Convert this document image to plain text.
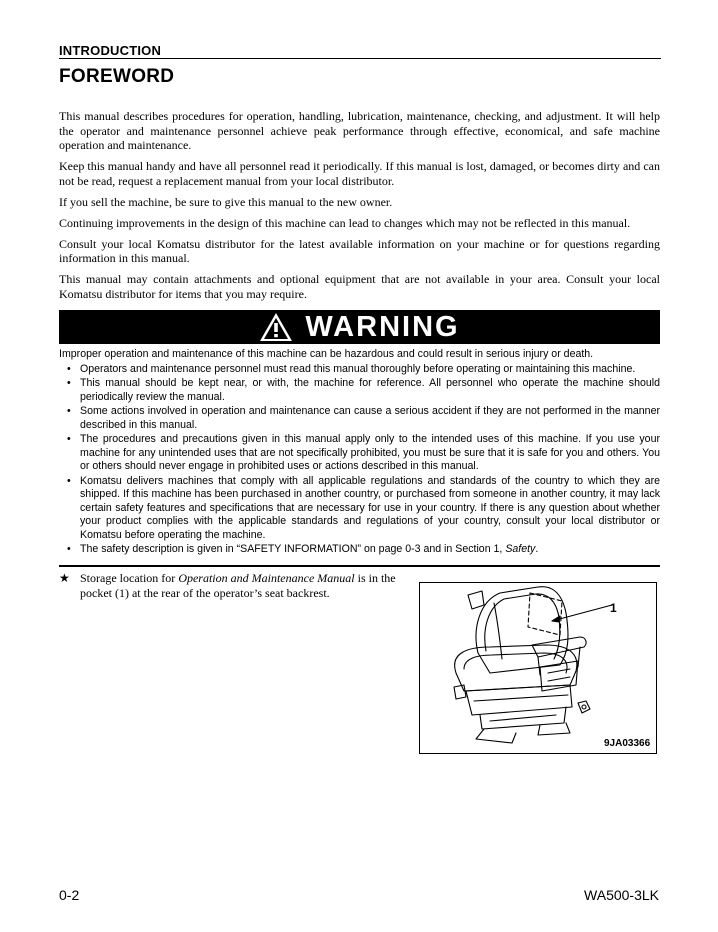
INTRODUCTION
FOREWORD

This manual describes procedures for operation, handling, lubrication, maintenance, checking, and adjustment. It will help the operator and maintenance personnel achieve peak performance through effective, economical, and safe machine operation and maintenance.

Keep this manual handy and have all personnel read it periodically. If this manual is lost, damaged, or becomes dirty and can not be read, request a replacement manual from your local distributor.

If you sell the machine, be sure to give this manual to the new owner.

Continuing improvements in the design of this machine can lead to changes which may not be reflected in this manual.

Consult your local Komatsu distributor for the latest available information on your machine or for questions regarding information in this manual.

This manual may contain attachments and optional equipment that are not available in your area. Consult your local Komatsu distributor for items that you may require.

WARNING

Improper operation and maintenance of this machine can be hazardous and could result in serious injury or death.

• Operators and maintenance personnel must read this manual thoroughly before operating or maintaining this machine.
• This manual should be kept near, or with, the machine for reference. All personnel who operate the machine should periodically review the manual.
• Some actions involved in operation and maintenance can cause a serious accident if they are not performed in the manner described in this manual.
• The procedures and precautions given in this manual apply only to the intended uses of this machine. If you use your machine for any unintended uses that are not specifically prohibited, you must be sure that it is safe for you and others. You or others should never engage in prohibited uses or actions described in this manual.
• Komatsu delivers machines that comply with all applicable regulations and standards of the country to which they are shipped. If this machine has been purchased in another country, or purchased from someone in another country, it may lack certain safety features and specifications that are necessary for use in your country. If there is any question about whether your product complies with the applicable standards and regulations of your country, consult your local distributor or Komatsu before operating the machine.
• The safety description is given in “SAFETY INFORMATION” on page 0-3 and in Section 1, Safety.
★ Storage location for Operation and Maintenance Manual is in the pocket (1) at the rear of the operator’s seat backrest.
1
9JA03366
0-2	WA500-3LK
